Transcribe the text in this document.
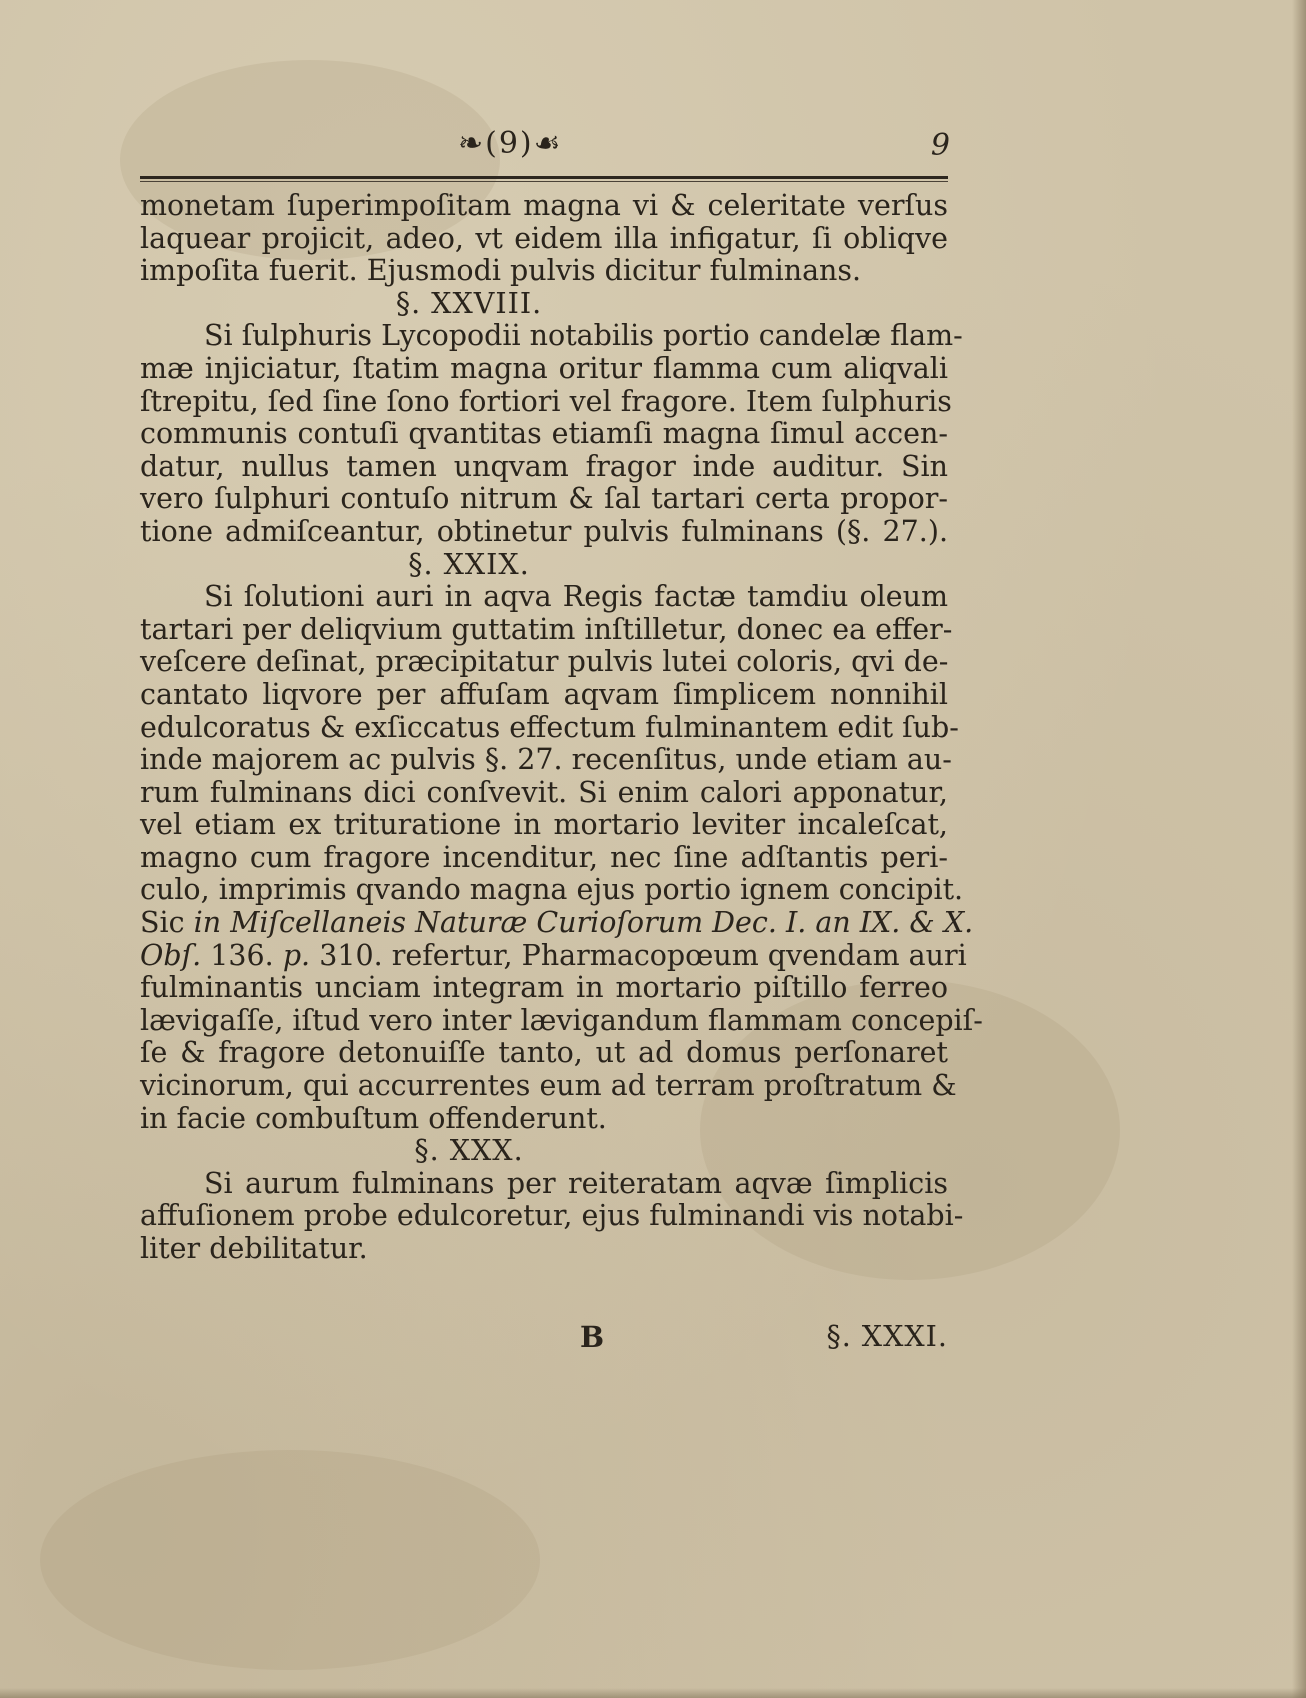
❧(9)☙	9
monetam ſuperimpoſitam magna vi & celeritate verſus
laquear projicit, adeo, vt eidem illa infigatur, ſi obliqve
impoſita fuerit. Ejusmodi pulvis dicitur fulminans.
§. XXVIII.
Si ſulphuris Lycopodii notabilis portio candelæ flam-
mæ injiciatur, ſtatim magna oritur flamma cum aliqvali
ſtrepitu, ſed ſine ſono fortiori vel fragore. Item ſulphuris
communis contuſi qvantitas etiamſi magna ſimul accen-
datur, nullus tamen unqvam fragor inde auditur. Sin
vero ſulphuri contuſo nitrum & ſal tartari certa propor-
tione admiſceantur, obtinetur pulvis fulminans (§. 27.).
§. XXIX.
Si ſolutioni auri in aqva Regis factæ tamdiu oleum
tartari per deliqvium guttatim inſtilletur, donec ea effer-
veſcere deſinat, præcipitatur pulvis lutei coloris, qvi de-
cantato liqvore per affuſam aqvam ſimplicem nonnihil
edulcoratus & exſiccatus effectum fulminantem edit ſub-
inde majorem ac pulvis §. 27. recenſitus, unde etiam au-
rum fulminans dici conſvevit. Si enim calori apponatur,
vel etiam ex trituratione in mortario leviter incaleſcat,
magno cum fragore incenditur, nec ſine adſtantis peri-
culo, imprimis qvando magna ejus portio ignem concipit.
Sic in Miſcellaneis Naturæ Curioſorum Dec. I. an IX. & X.
Obſ. 136. p. 310. refertur, Pharmacopœum qvendam auri
fulminantis unciam integram in mortario piſtillo ferreo
lævigaſſe, iſtud vero inter lævigandum flammam concepiſ-
ſe & fragore detonuiſſe tanto, ut ad domus perſonaret
vicinorum, qui accurrentes eum ad terram proſtratum &
in facie combuſtum offenderunt.
§. XXX.
Si aurum fulminans per reiteratam aqvæ ſimplicis
affuſionem probe edulcoretur, ejus fulminandi vis notabi-
liter debilitatur.
B	§. XXXI.
